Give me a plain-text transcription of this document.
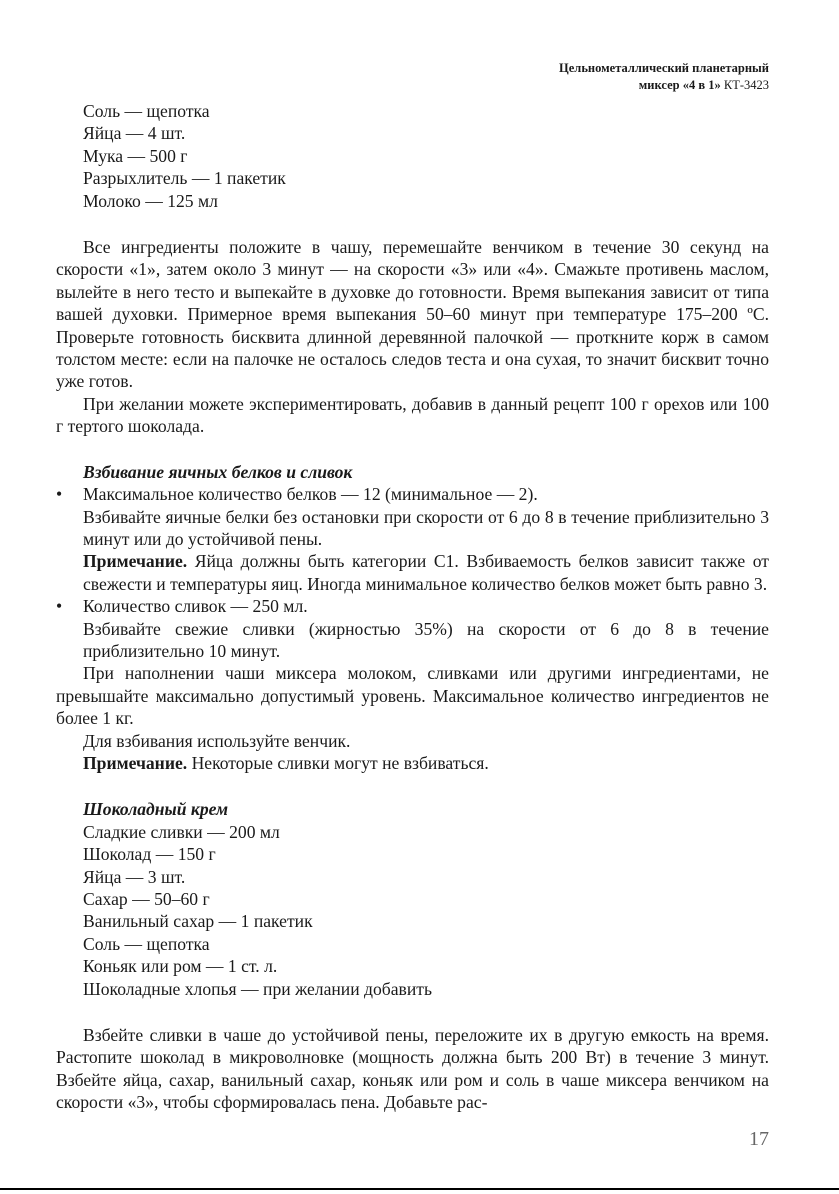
Цельнометаллический планетарный
миксер «4 в 1» КТ-3423
Соль — щепотка
Яйца — 4 шт.
Мука — 500 г
Разрыхлитель — 1 пакетик
Молоко — 125 мл

Все ингредиенты положите в чашу, перемешайте венчиком в течение 30 секунд на скорости «1», затем около 3 минут — на скорости «3» или «4». Смажьте противень маслом, вылейте в него тесто и выпекайте в духовке до готовности. Время выпекания зависит от типа вашей духовки. Примерное время выпекания 50–60 минут при температуре 175–200 ºС. Проверьте готовность бисквита длинной деревянной палочкой — проткните корж в самом толстом месте: если на палочке не осталось следов теста и она сухая, то значит бисквит точно уже готов.

При желании можете экспериментировать, добавив в данный рецепт 100 г орехов или 100 г тертого шоколада.

Взбивание яичных белков и сливок
•	Максимальное количество белков — 12 (минимальное — 2).
Взбивайте яичные белки без остановки при скорости от 6 до 8 в течение приблизительно 3 минут или до устойчивой пены.
Примечание. Яйца должны быть категории С1. Взбиваемость белков зависит также от свежести и температуры яиц. Иногда минимальное количество белков может быть равно 3.
•	Количество сливок — 250 мл.
Взбивайте свежие сливки (жирностью 35%) на скорости от 6 до 8 в течение приблизительно 10 минут.

При наполнении чаши миксера молоком, сливками или другими ингредиентами, не превышайте максимально допустимый уровень. Максимальное количество ингредиентов не более 1 кг.

Для взбивания используйте венчик.
Примечание. Некоторые сливки могут не взбиваться.
Шоколадный крем
Сладкие сливки — 200 мл
Шоколад — 150 г
Яйца — 3 шт.
Сахар — 50–60 г
Ванильный сахар — 1 пакетик
Соль — щепотка
Коньяк или ром — 1 ст. л.
Шоколадные хлопья — при желании добавить

Взбейте сливки в чаше до устойчивой пены, переложите их в другую емкость на время. Растопите шоколад в микроволновке (мощность должна быть 200 Вт) в течение 3 минут. Взбейте яйца, сахар, ванильный сахар, коньяк или ром и соль в чаше миксера венчиком на скорости «3», чтобы сформировалась пена. Добавьте рас-

17
